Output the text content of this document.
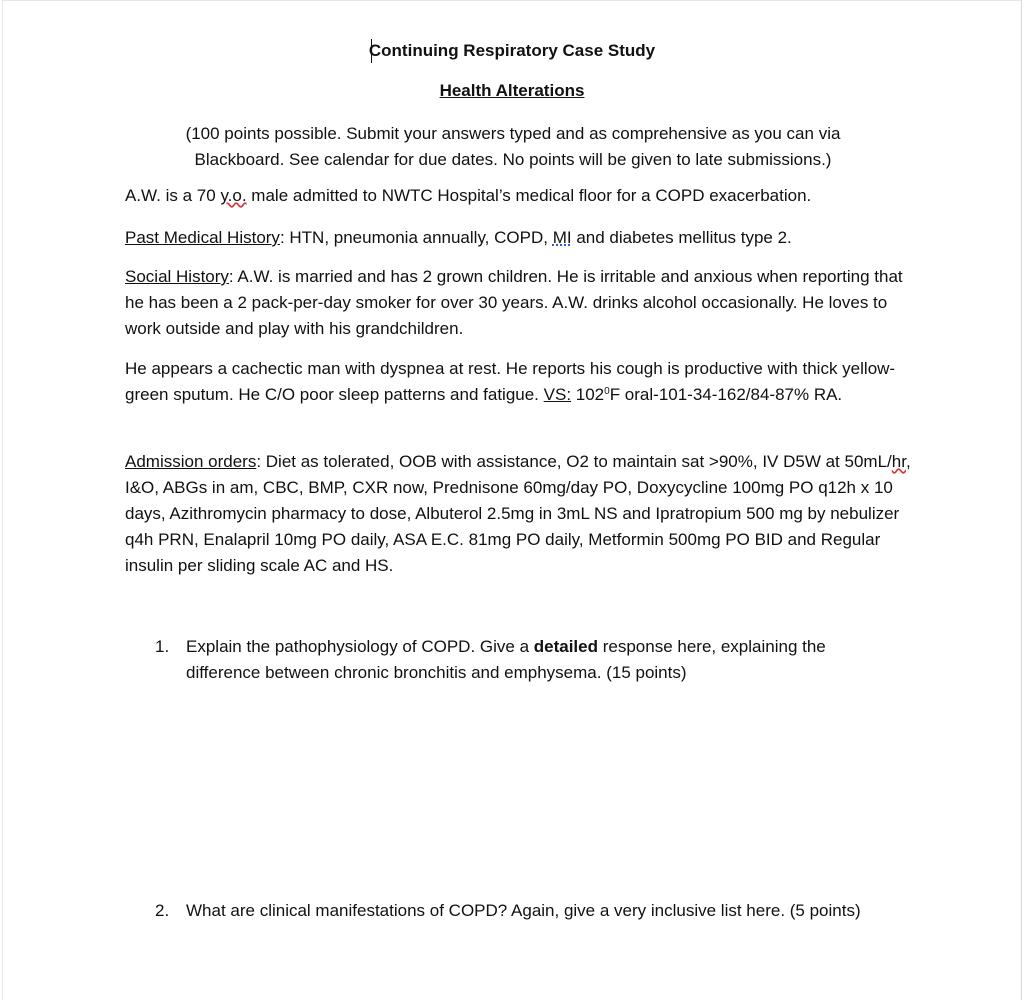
Continuing Respiratory Case Study
Health Alterations
(100 points possible. Submit your answers typed and as comprehensive as you can via Blackboard. See calendar for due dates. No points will be given to late submissions.)
A.W. is a 70 y.o. male admitted to NWTC Hospital’s medical floor for a COPD exacerbation.
Past Medical History: HTN, pneumonia annually, COPD, MI and diabetes mellitus type 2.
Social History: A.W. is married and has 2 grown children. He is irritable and anxious when reporting that he has been a 2 pack-per-day smoker for over 30 years. A.W. drinks alcohol occasionally. He loves to work outside and play with his grandchildren.
He appears a cachectic man with dyspnea at rest. He reports his cough is productive with thick yellow-green sputum. He C/O poor sleep patterns and fatigue. VS: $102^0F$ oral-101-34-162/84-87% RA.
Admission orders: Diet as tolerated, OOB with assistance, O2 to maintain sat >90%, IV D5W at 50mL/hr, I&O, ABGs in am, CBC, BMP, CXR now, Prednisone 60mg/day PO, Doxycycline 100mg PO q12h x 10 days, Azithromycin pharmacy to dose, Albuterol 2.5mg in 3mL NS and Ipratropium 500 mg by nebulizer q4h PRN, Enalapril 10mg PO daily, ASA E.C. 81mg PO daily, Metformin 500mg PO BID and Regular insulin per sliding scale AC and HS.
1. Explain the pathophysiology of COPD. Give a detailed response here, explaining the difference between chronic bronchitis and emphysema. (15 points)
2. What are clinical manifestations of COPD? Again, give a very inclusive list here. (5 points)
